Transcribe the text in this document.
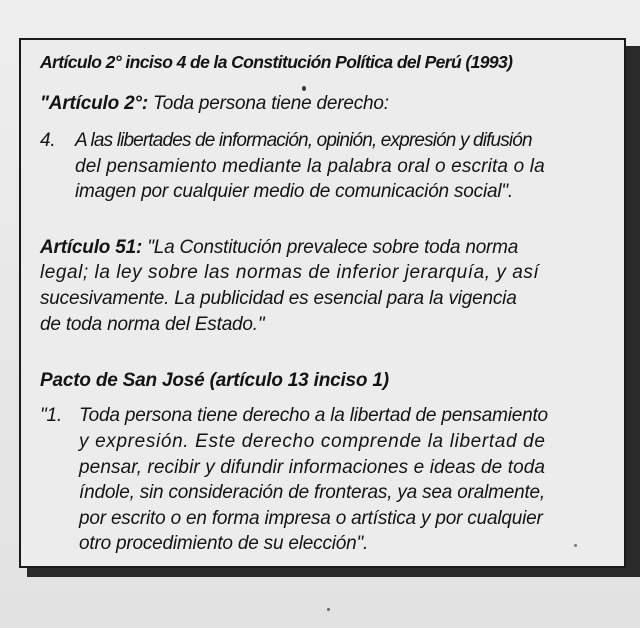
Artículo 2° inciso 4 de la Constitución Política del Perú (1993)

"Artículo 2°: Toda persona tiene derecho:

4. A las libertades de información, opinión, expresión y difusión

del pensamiento mediante la palabra oral o escrita o la

imagen por cualquier medio de comunicación social".

Artículo 51: "La Constitución prevalece sobre toda norma

legal; la ley sobre las normas de inferior jerarquía, y así

sucesivamente. La publicidad es esencial para la vigencia

de toda norma del Estado."

Pacto de San José (artículo 13 inciso 1)

"1. Toda persona tiene derecho a la libertad de pensamiento

y expresión. Este derecho comprende la libertad de

pensar, recibir y difundir informaciones e ideas de toda

índole, sin consideración de fronteras, ya sea oralmente,

por escrito o en forma impresa o artística y por cualquier

otro procedimiento de su elección".
